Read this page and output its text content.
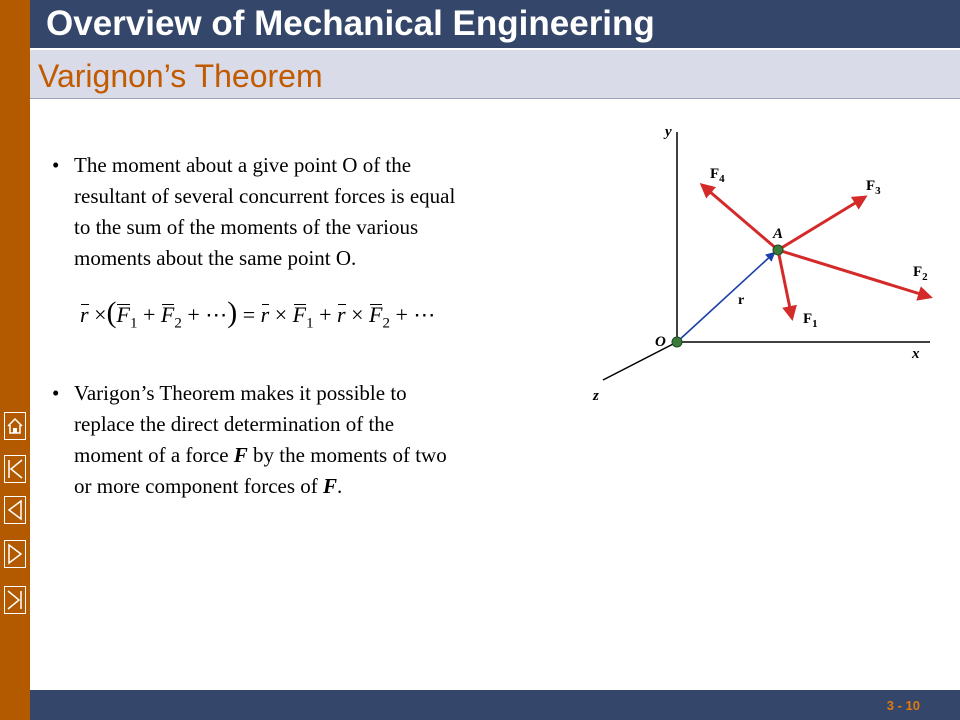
Overview of Mechanical Engineering
Varignon’s Theorem
• The moment about a give point O of the
resultant of several concurrent forces is equal
to the sum of the moments of the various
moments about the same point O.
$r \times(F_1 + F_2$ + ⋯) = $r \times F_1 + r \times F_2$ + ⋯
• Varigon’s Theorem makes it possible to
replace the direct determination of the
moment of a force F by the moments of two
or more component forces of F.
y
x
z
r
O
A
$F_1$
$F_2$
$F_3$
$F_4$
3 - 10
